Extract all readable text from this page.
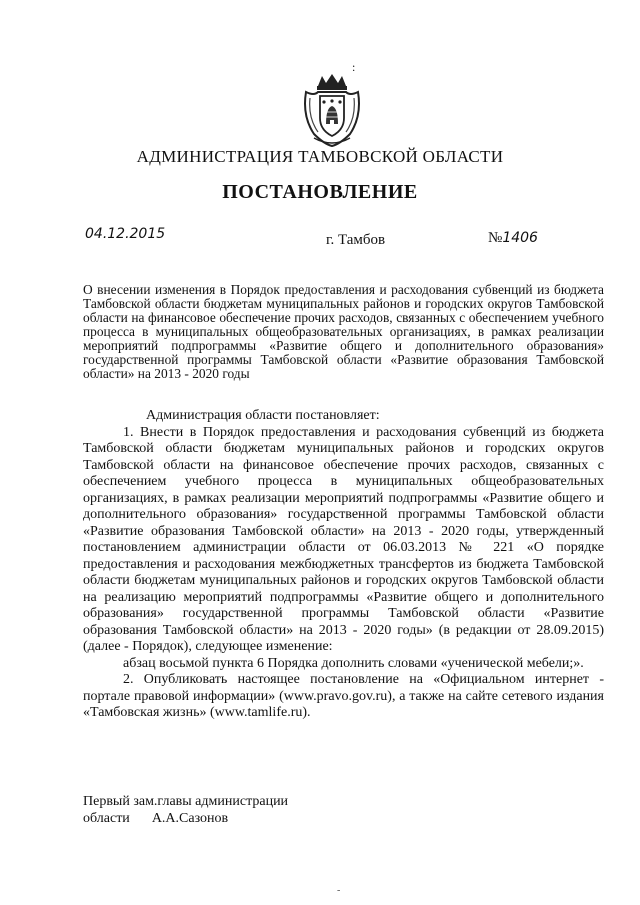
:
АДМИНИСТРАЦИЯ ТАМБОВСКОЙ ОБЛАСТИ
ПОСТАНОВЛЕНИЕ
04.12.2015	г. Тамбов	№1406

О внесении изменения в Порядок предоставления и расходования субвенций из бюджета Тамбовской области бюджетам муниципальных районов и городских округов Тамбовской области на финансовое обеспечение прочих расходов, связанных с обеспечением учебного процесса в муниципальных общеобразовательных организациях, в рамках реализации мероприятий подпрограммы «Развитие общего и дополнительного образования» государственной программы Тамбовской области «Развитие образования Тамбовской области» на 2013 - 2020 годы

Администрация области постановляет:

1. Внести в Порядок предоставления и расходования субвенций из бюджета Тамбовской области бюджетам муниципальных районов и городских округов Тамбовской области на финансовое обеспечение прочих расходов, связанных с обеспечением учебного процесса в муниципальных общеобразовательных организациях, в рамках реализации мероприятий подпрограммы «Развитие общего и дополнительного образования» государственной программы Тамбовской области «Развитие образования Тамбовской области» на 2013 - 2020 годы, утвержденный постановлением администрации области от 06.03.2013 № 221 «О порядке предоставления и расходования межбюджетных трансфертов из бюджета Тамбовской области бюджетам муниципальных районов и городских округов Тамбовской области на реализацию мероприятий подпрограммы «Развитие общего и дополнительного образования» государственной программы Тамбовской области «Развитие образования Тамбовской области» на 2013 - 2020 годы» (в редакции от 28.09.2015) (далее - Порядок), следующее изменение:

абзац восьмой пункта 6 Порядка дополнить словами «ученической мебели;».

2. Опубликовать настоящее постановление на «Официальном интернет - портале правовой информации» (www.pravo.gov.ru), а также на сайте сетевого издания «Тамбовская жизнь» (www.tamlife.ru).

Первый зам.главы администрации
области А.А.Сазонов
-
